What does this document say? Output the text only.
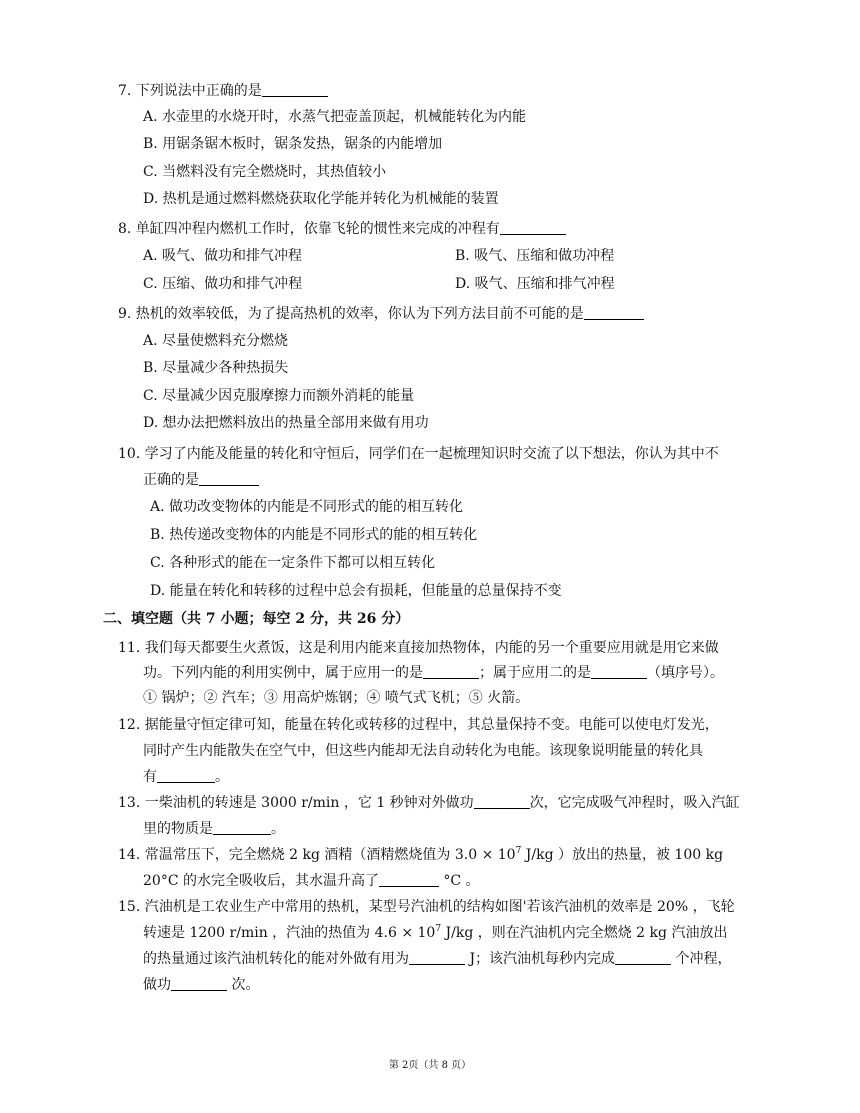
7. 下列说法中正确的是
A. 水壶里的水烧开时，水蒸气把壶盖顶起，机械能转化为内能
B. 用锯条锯木板时，锯条发热，锯条的内能增加
C. 当燃料没有完全燃烧时，其热值较小
D. 热机是通过燃料燃烧获取化学能并转化为机械能的装置
8. 单缸四冲程内燃机工作时，依靠飞轮的惯性来完成的冲程有
A. 吸气、做功和排气冲程	B. 吸气、压缩和做功冲程
C. 压缩、做功和排气冲程	D. 吸气、压缩和排气冲程
9. 热机的效率较低，为了提高热机的效率，你认为下列方法目前不可能的是
A. 尽量使燃料充分燃烧
B. 尽量减少各种热损失
C. 尽量减少因克服摩擦力而额外消耗的能量
D. 想办法把燃料放出的热量全部用来做有用功
10. 学习了内能及能量的转化和守恒后，同学们在一起梳理知识时交流了以下想法，你认为其中不
正确的是
A. 做功改变物体的内能是不同形式的能的相互转化
B. 热传递改变物体的内能是不同形式的能的相互转化
C. 各种形式的能在一定条件下都可以相互转化
D. 能量在转化和转移的过程中总会有损耗，但能量的总量保持不变
二、填空题（共 7 小题；每空 2 分，共 26 分）
11. 我们每天都要生火煮饭，这是利用内能来直接加热物体，内能的另一个重要应用就是用它来做
功。下列内能的利用实例中，属于应用一的是	；属于应用二的是	（填序号）。
① 锅炉；② 汽车；③ 用高炉炼钢；④ 喷气式飞机；⑤ 火箭。
12. 据能量守恒定律可知，能量在转化或转移的过程中，其总量保持不变。电能可以使电灯发光，
同时产生内能散失在空气中，但这些内能却无法自动转化为电能。该现象说明能量的转化具
有	。
13. 一柴油机的转速是 3000 r/min ，它 1 秒钟对外做功	次，它完成吸气冲程时，吸入汽缸
里的物质是	。
14. 常温常压下，完全燃烧 2 kg 酒精（酒精燃烧值为 $3.0 \times 10^7$ J/kg ）放出的热量，被 100 kg
20°C 的水完全吸收后，其水温升高了	°C 。
15. 汽油机是工农业生产中常用的热机，某型号汽油机的结构如图'若该汽油机的效率是 20% ，飞轮
转速是 1200 r/min ，汽油的热值为 $4.6 \times 10^7$ J/kg ，则在汽油机内完全燃烧 2 kg 汽油放出
的热量通过该汽油机转化的能对外做有用为	J；该汽油机每秒内完成	个冲程，
做功	次。
第 2页（共 8 页）
